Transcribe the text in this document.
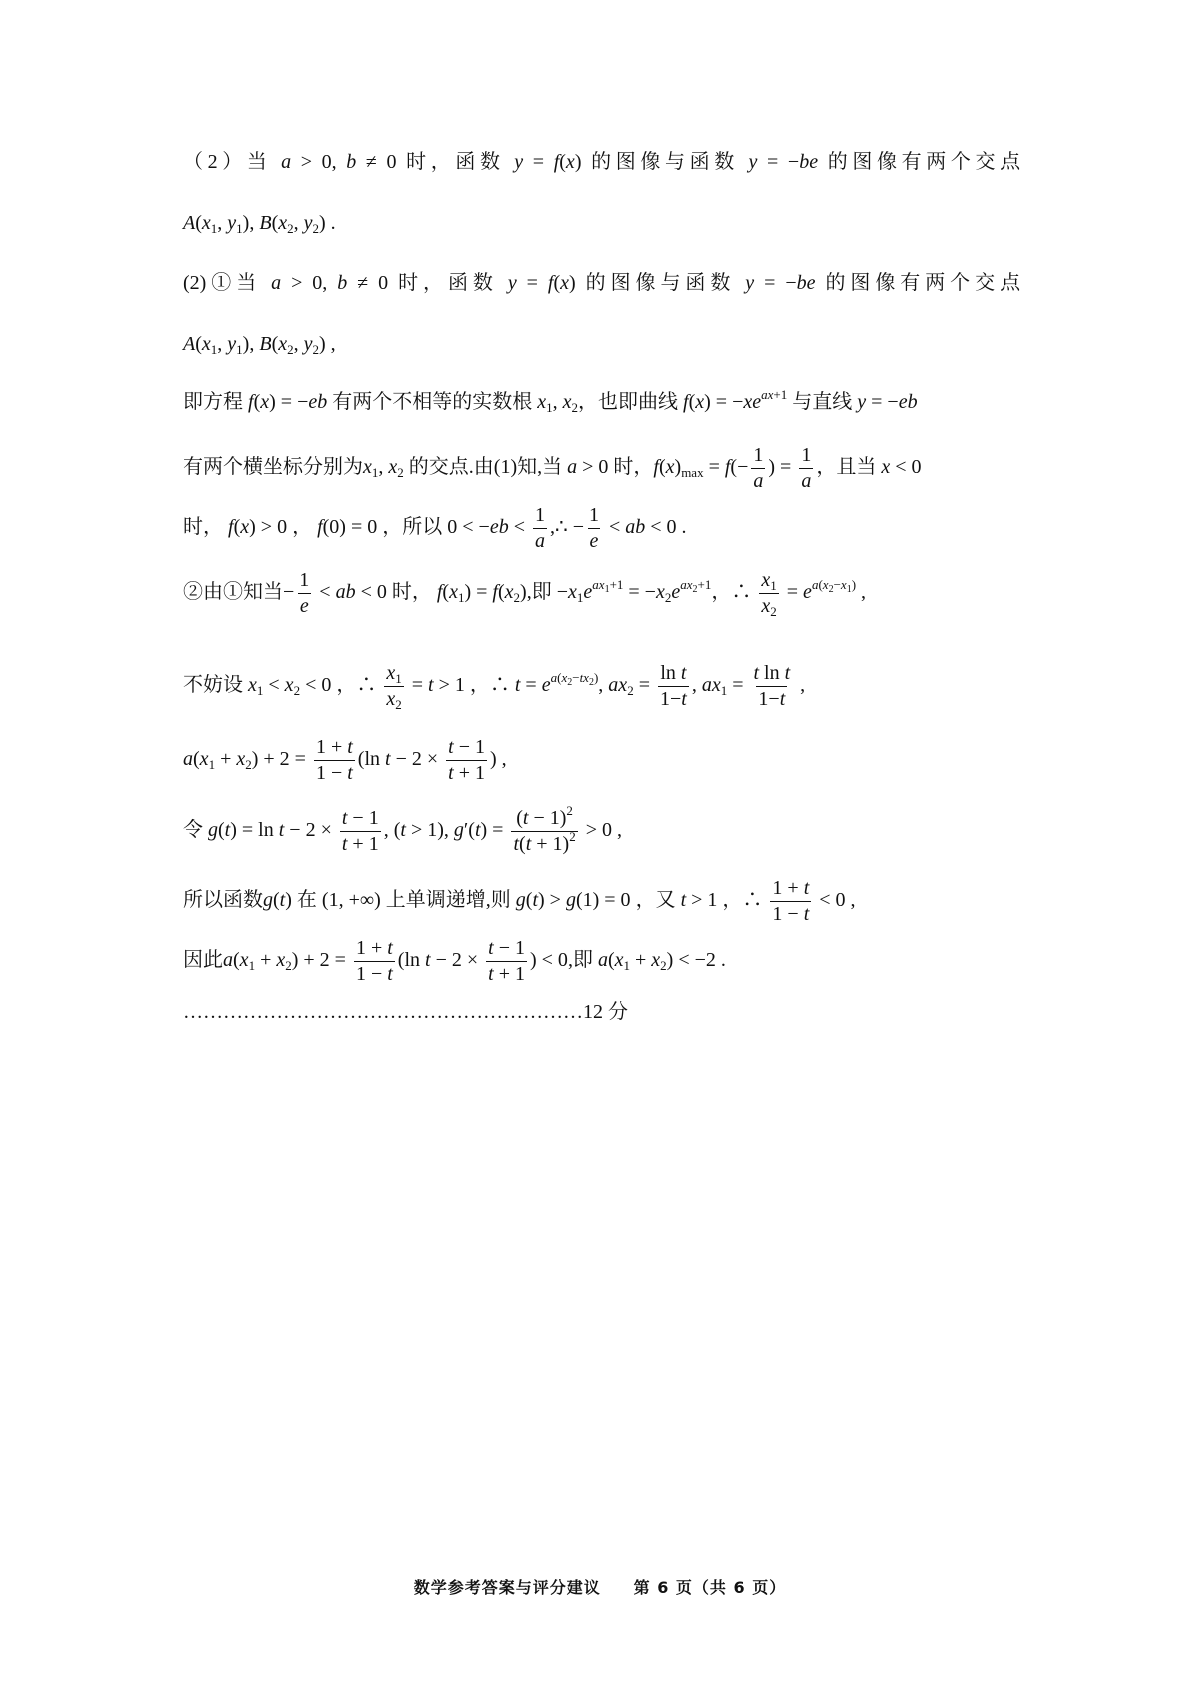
（2）当 a > 0, b ≠ 0 时，函数 y = f(x) 的图像与函数 y = −be 的图像有两个交点
$A(x_1$, $y_1$), $B(x_2$, $y_2$) .
(2)①当 a > 0, b ≠ 0 时，函数 y = f(x) 的图像与函数 y = −be 的图像有两个交点
$A(x_1$, $y_1$), $B(x_2$, $y_2$) ,
即方程 f(x) = −eb 有两个不相等的实数根 $x_1$, $x_2$，也即曲线 $f(x) = -xe^{ax+1}$ 与直线 y = −eb
有两个横坐标分别为$x_1$, $x_2$ 的交点.由(1)知,当 a > 0 时，$f(x)_{max} = f(- \frac{1}{a}$ ) = $\frac{1}{a}$ ，且当 x < 0
时， f(x) > 0 ， f(0) = 0 ，所以 $0 < -eb < \frac{1}{a}$ ,∴ − $\frac{1}{e}$ < ab < 0 .
②由①知当− $\frac{1}{e}$ < ab < 0 时， $f(x_1) = f(x_2)$,即 $-x_1e^{ax_1+1} = -x_2e^{ax_2+1}$，∴ $\frac{x_1}{x_2} = e^{a(x_2-x_1)}$ ,
不妨设 $x_1 < x_2 < 0$ ，∴ $\frac{x_1}{x_2} = t > 1$ ，∴ $t = e^{a(x_2-tx_2)}$, $ax_2 = \frac{\text{ln t}}{1-t}$ , $ax_1 = \frac{\text{t ln t}}{1-t}$ ,
$a(x_1 + x_2) + 2 = \frac{1 + t}{1 - t} (\ln$ $t - 2 \times \frac{t - 1}{t + 1}$ ) ,
令 $g(t) = \ln t - 2 \times \frac{t - 1}{t + 1}$ , (t > 1), $g'(t) = \frac{(t - 1)^2}{t(t + 1)^2} > 0$ ,
所以函数g(t) 在 (1, +∞) 上单调递增,则 g(t) > g(1) = 0 ，又 t > 1 ，∴ $\frac{1 + t}{1 - t} < 0$ ,
因此$a(x_1 + x_2) + 2 = \frac{1 + t}{1 - t} (\ln$ $t - 2 \times \frac{t - 1}{t + 1}$ ) < 0,即 $a(x_1 + x_2) < -2$ .
……………………………………………………12 分
数学参考答案与评分建议 第 6 页（共 6 页）
